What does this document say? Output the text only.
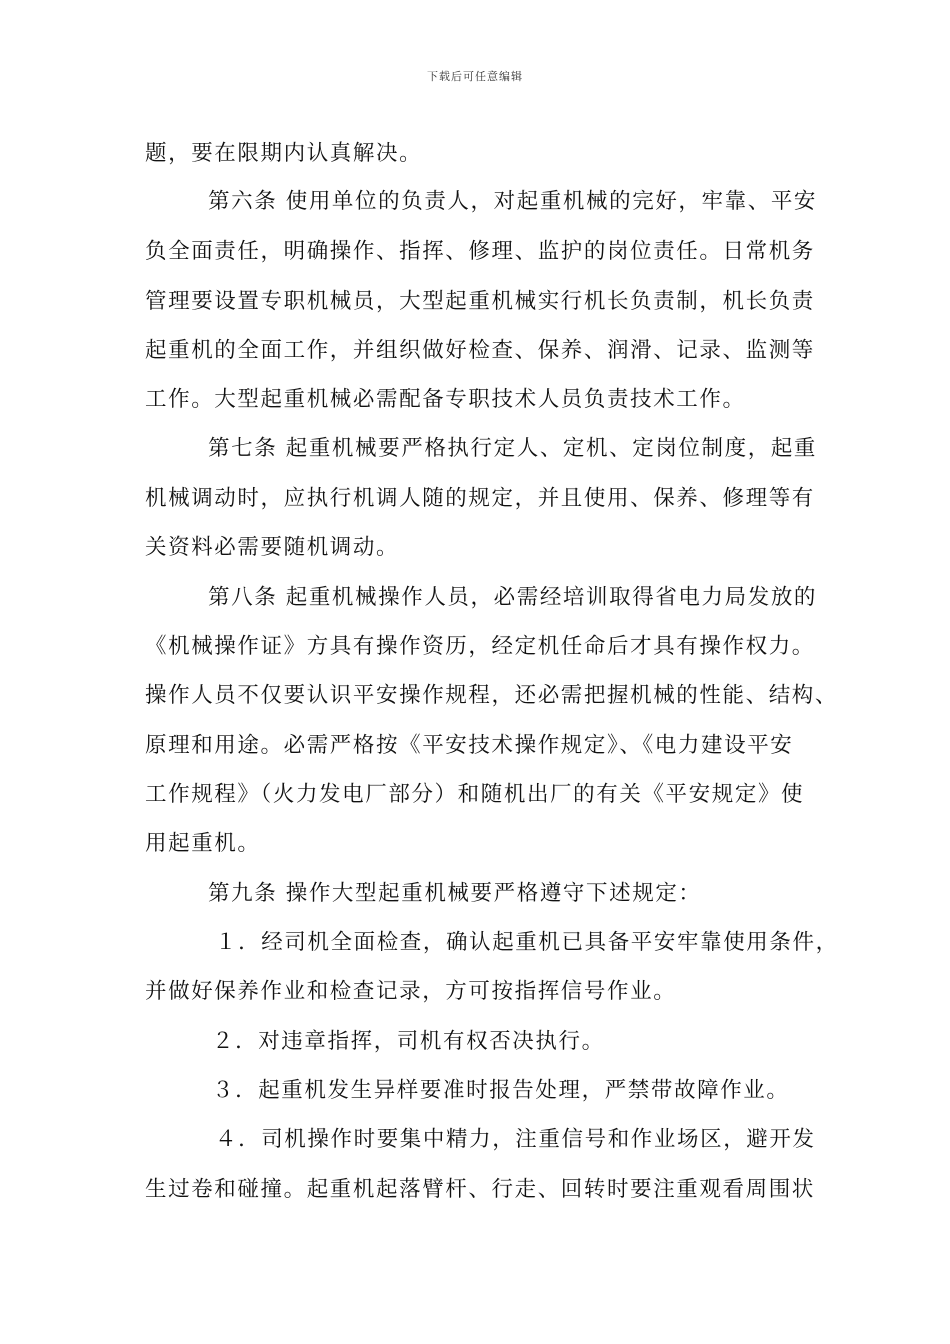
下载后可任意编辑
题，要在限期内认真解决。
第六条 使用单位的负责人，对起重机械的完好，牢靠、平安
负全面责任，明确操作、指挥、修理、监护的岗位责任。日常机务
管理要设置专职机械员，大型起重机械实行机长负责制，机长负责
起重机的全面工作，并组织做好检查、保养、润滑、记录、监测等
工作。大型起重机械必需配备专职技术人员负责技术工作。
第七条 起重机械要严格执行定人、定机、定岗位制度，起重
机械调动时，应执行机调人随的规定，并且使用、保养、修理等有
关资料必需要随机调动。
第八条 起重机械操作人员，必需经培训取得省电力局发放的
《机械操作证》方具有操作资历，经定机任命后才具有操作权力。
操作人员不仅要认识平安操作规程，还必需把握机械的性能、结构、
原理和用途。必需严格按《平安技术操作规定》、《电力建设平安
工作规程》（火力发电厂部分）和随机出厂的有关《平安规定》使
用起重机。
第九条 操作大型起重机械要严格遵守下述规定：
１．经司机全面检查，确认起重机已具备平安牢靠使用条件，
并做好保养作业和检查记录，方可按指挥信号作业。
２．对违章指挥，司机有权否决执行。
３．起重机发生异样要准时报告处理，严禁带故障作业。
４．司机操作时要集中精力，注重信号和作业场区，避开发
生过卷和碰撞。起重机起落臂杆、行走、回转时要注重观看周围状
